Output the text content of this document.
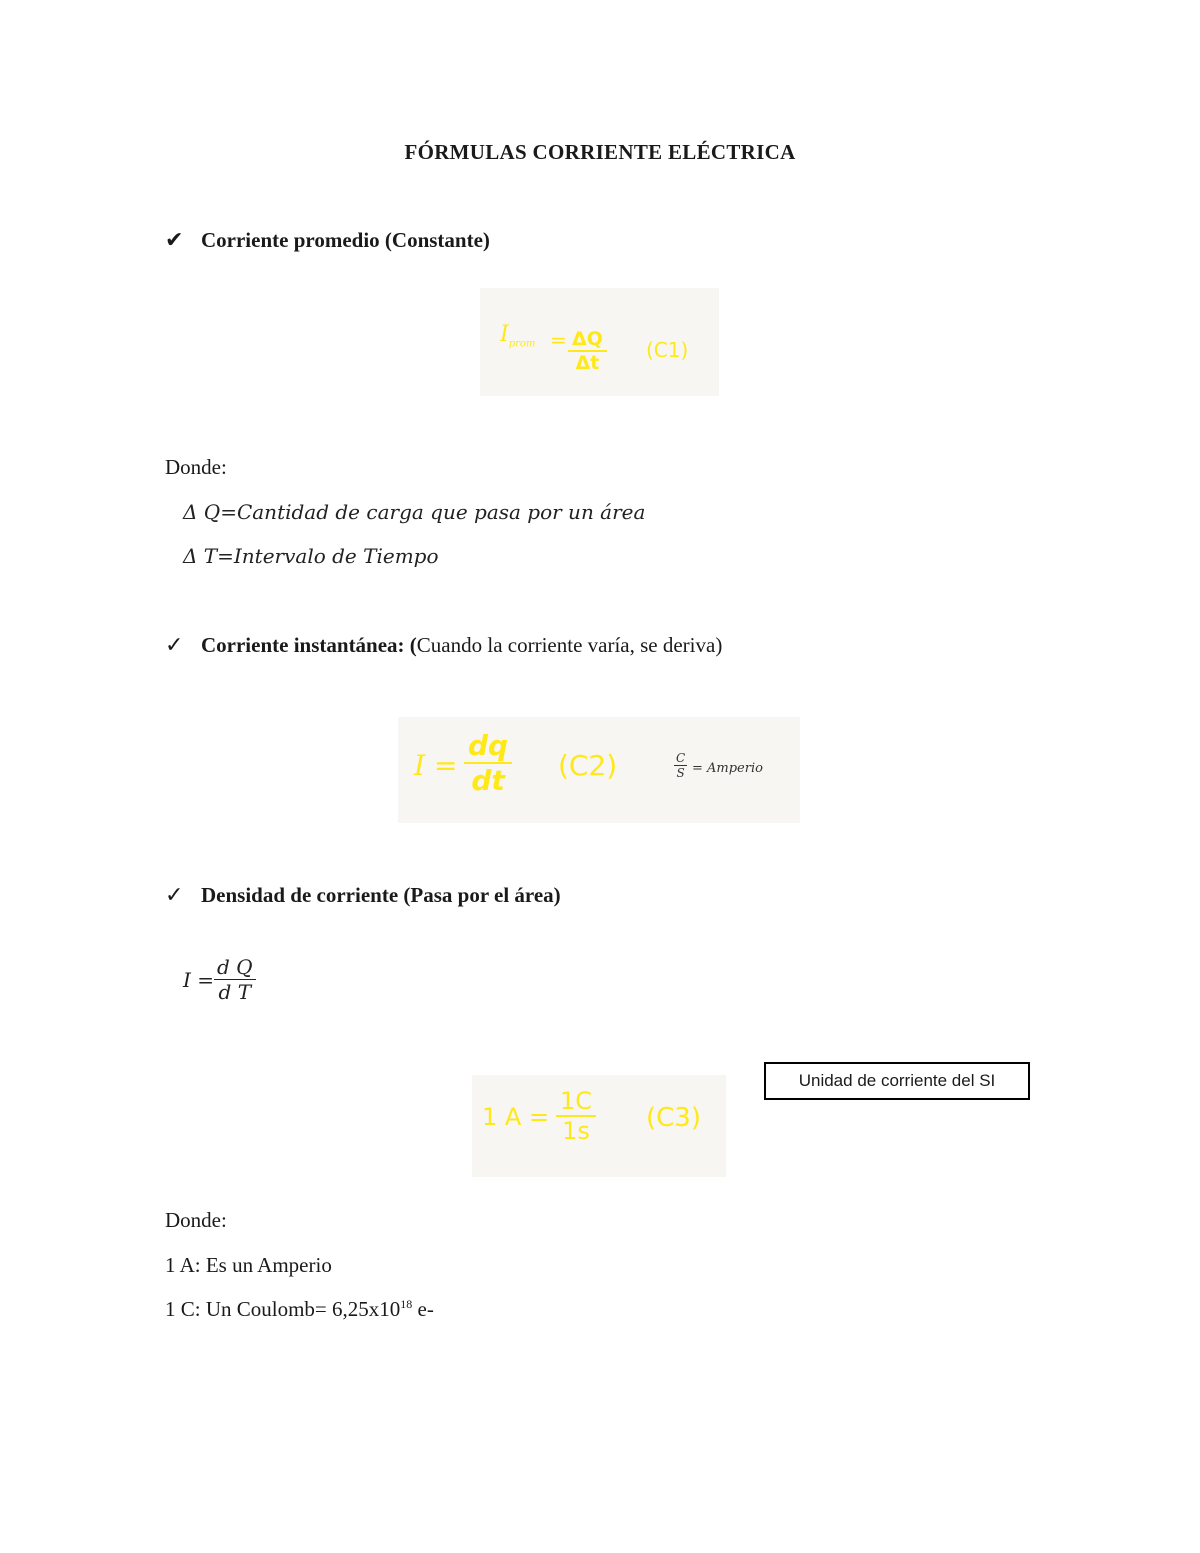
FÓRMULAS CORRIENTE ELÉCTRICA
✔ Corriente promedio (Constante)
$I_{prom} = \frac{\Delta Q}{\Delta t} (C1)$
Donde:
Δ Q=Cantidad de carga que pasa por un área
Δ T=Intervalo de Tiempo
✓ Corriente instantánea: (Cuando la corriente varía, se deriva)
$I = \frac{dq}{dt} (C2)$	$\frac{C}{S}$ = Amperio
✓ Densidad de corriente (Pasa por el área)
$I = \frac{\text{d Q}}{\text{d T}}$
Unidad de corriente del SI
1 $A = \frac{1C}{1s} (C3)$
Donde:
1 A: Es un Amperio
1 C: Un Coulomb= $6,25x10^{18}$ e-
